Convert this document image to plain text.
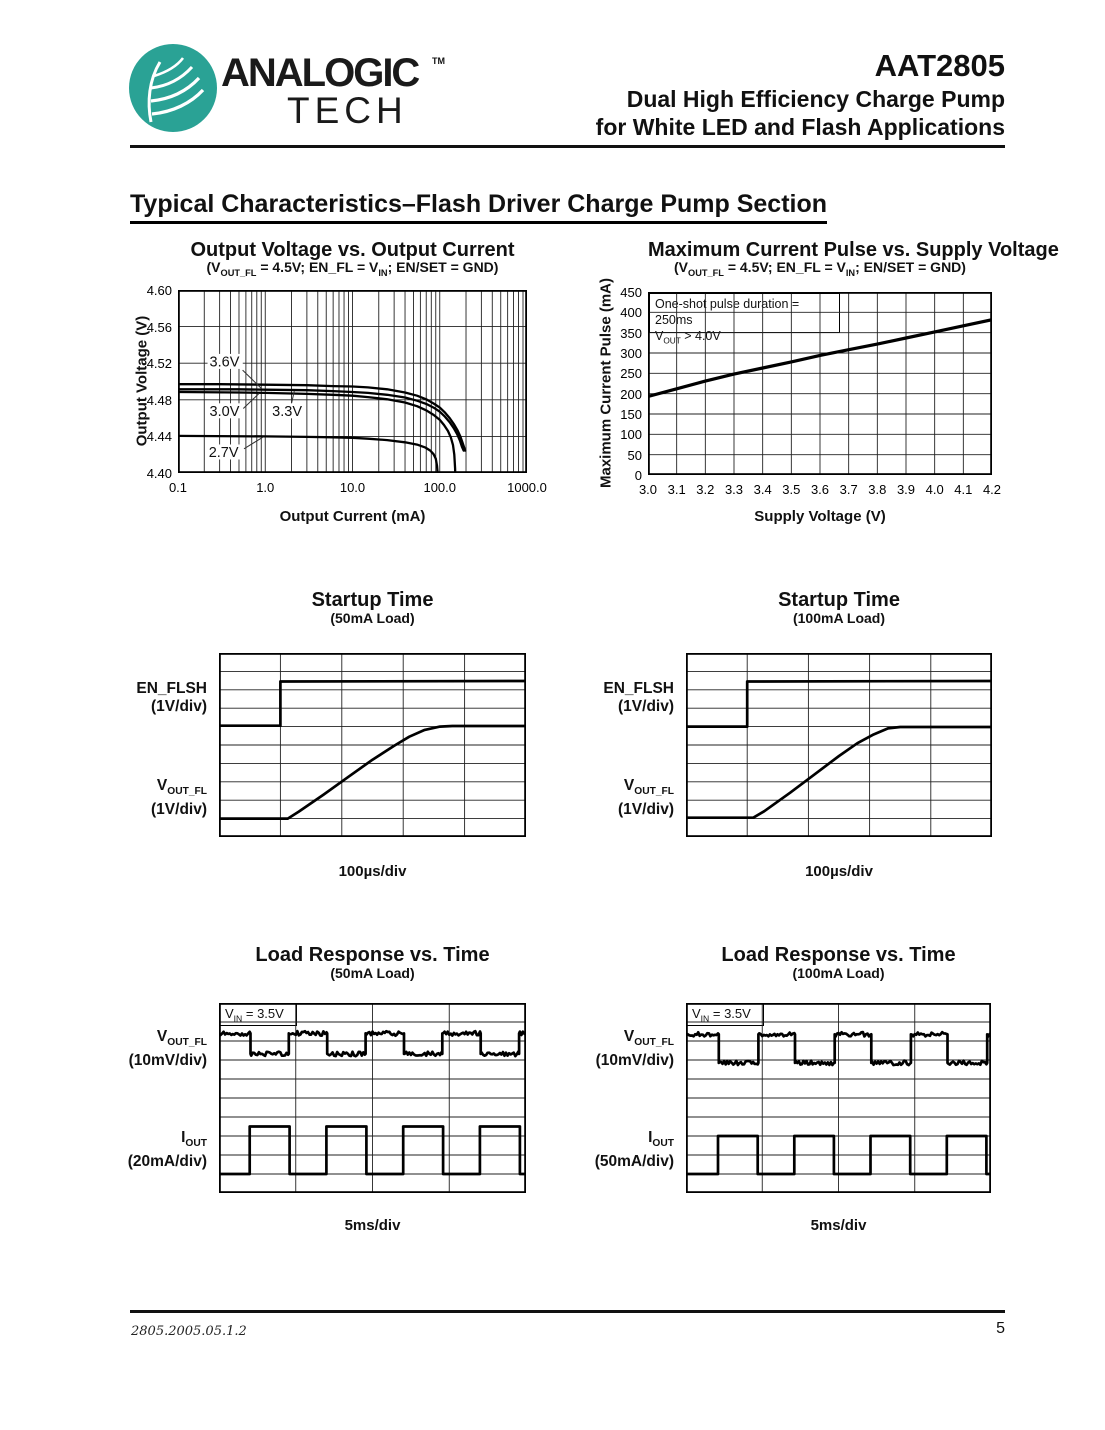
ANALOGIC TM
TECH
AAT2805
Dual High Efficiency Charge Pump
for White LED and Flash Applications
Typical Characteristics–Flash Driver Charge Pump Section
Output Voltage vs. Output Current
($V_{OUT\_FL} = 4.5V$; EN_FL = $V_{IN}$; EN/SET = GND)
Maximum Current Pulse vs. Supply Voltage
($V_{OUT\_FL} = 4.5V$; EN_FL = $V_{IN}$; EN/SET = GND)
Startup Time
(50mA Load)
Startup Time
(100mA Load)
Load Response vs. Time
(50mA Load)
Load Response vs. Time
(100mA Load)
Output Voltage (V)	Maximum Current Pulse (mA)
Output Current (mA)	Supply Voltage (V)
EN_FLSH
(1V/div)
$V_{OUT\_FL}$
(1V/div)
EN_FLSH
(1V/div)
$V_{OUT\_FL}$
(1V/div)
$V_{OUT\_FL}$
(10mV/div)
$I_{OUT}$
(20mA/div)
$V_{OUT\_FL}$
(10mV/div)
$I_{OUT}$
(50mA/div)
100µs/div	100µs/div
5ms/div	5ms/div
One-shot pulse duration = 250ms
$V_{OUT} > 4.0V$
$V_{IN} = 3.5V$	$V_{IN} = 3.5V$
3.6V
3.0V 3.3V
2.7V
2805.2005.05.1.2	5
0.1	1.0	10.0	100.0	1000.0
4.60
4.56
4.52
4.48
4.44
4.40
3.0 3.1 3.2 3.3 3.4 3.5 3.6 3.7 3.8 3.9 4.0 4.1 4.2
450
400
350
300
250
200
150
100
50
0
